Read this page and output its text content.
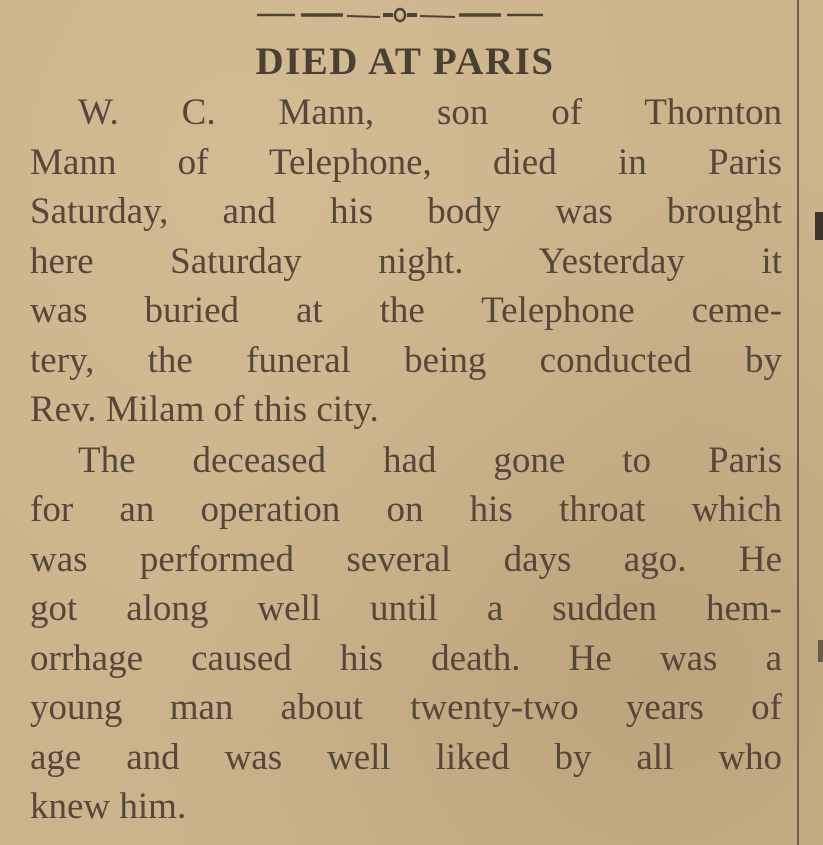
DIED AT PARIS
W. C. Mann, son of Thornton
Mann of Telephone, died in Paris
Saturday, and his body was brought
here Saturday night. Yesterday it
was buried at the Telephone ceme-
tery, the funeral being conducted by
Rev. Milam of this city.
The deceased had gone to Paris
for an operation on his throat which
was performed several days ago. He
got along well until a sudden hem-
orrhage caused his death. He was a
young man about twenty-two years of
age and was well liked by all who
knew him.
